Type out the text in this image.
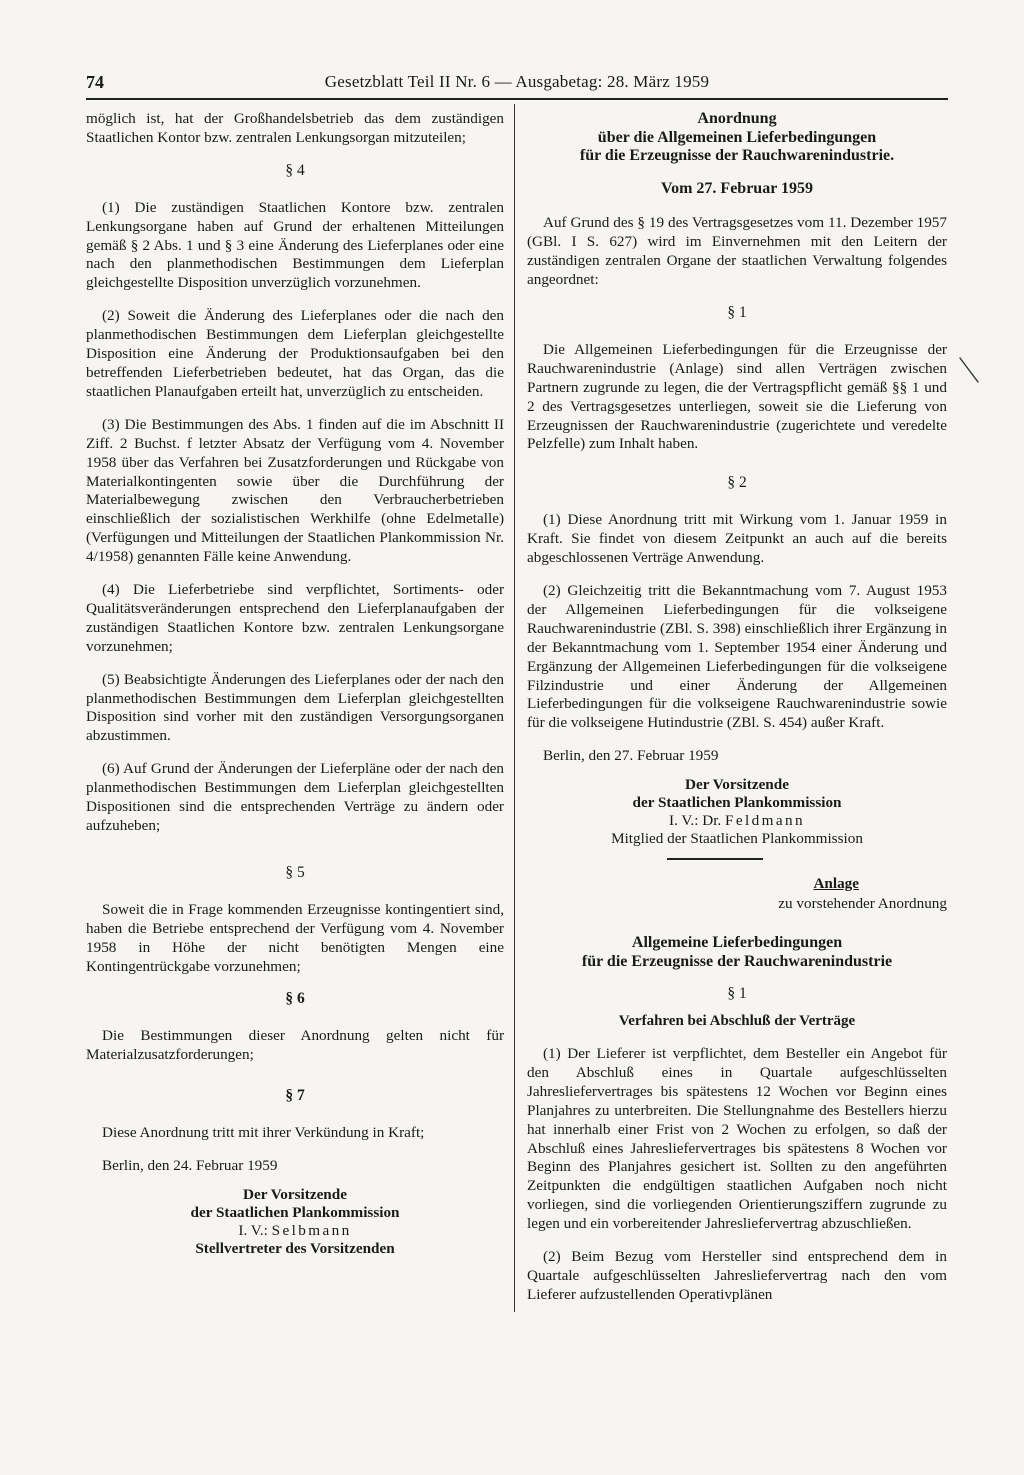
74	Gesetzblatt Teil II Nr. 6 — Ausgabetag: 28. März 1959

möglich ist, hat der Großhandelsbetrieb das dem zuständigen Staatlichen Kontor bzw. zentralen Lenkungsorgan mitzuteilen;

§ 4

(1) Die zuständigen Staatlichen Kontore bzw. zentralen Lenkungsorgane haben auf Grund der erhaltenen Mitteilungen gemäß § 2 Abs. 1 und § 3 eine Änderung des Lieferplanes oder eine nach den planmethodischen Bestimmungen dem Lieferplan gleichgestellte Disposition unverzüglich vorzunehmen.

(2) Soweit die Änderung des Lieferplanes oder die nach den planmethodischen Bestimmungen dem Lieferplan gleichgestellte Disposition eine Änderung der Produktionsaufgaben bei den betreffenden Lieferbetrieben bedeutet, hat das Organ, das die staatlichen Planaufgaben erteilt hat, unverzüglich zu entscheiden.

(3) Die Bestimmungen des Abs. 1 finden auf die im Abschnitt II Ziff. 2 Buchst. f letzter Absatz der Verfügung vom 4. November 1958 über das Verfahren bei Zusatzforderungen und Rückgabe von Materialkontingenten sowie über die Durchführung der Materialbewegung zwischen den Verbraucherbetrieben einschließlich der sozialistischen Werkhilfe (ohne Edelmetalle) (Verfügungen und Mitteilungen der Staatlichen Plankommission Nr. 4/1958) genannten Fälle keine Anwendung.

(4) Die Lieferbetriebe sind verpflichtet, Sortiments- oder Qualitätsveränderungen entsprechend den Lieferplanaufgaben der zuständigen Staatlichen Kontore bzw. zentralen Lenkungsorgane vorzunehmen;

(5) Beabsichtigte Änderungen des Lieferplanes oder der nach den planmethodischen Bestimmungen dem Lieferplan gleichgestellten Disposition sind vorher mit den zuständigen Versorgungsorganen abzustimmen.

(6) Auf Grund der Änderungen der Lieferpläne oder der nach den planmethodischen Bestimmungen dem Lieferplan gleichgestellten Dispositionen sind die entsprechenden Verträge zu ändern oder aufzuheben;

§ 5

Soweit die in Frage kommenden Erzeugnisse kontingentiert sind, haben die Betriebe entsprechend der Verfügung vom 4. November 1958 in Höhe der nicht benötigten Mengen eine Kontingentrückgabe vorzunehmen;

§ 6

Die Bestimmungen dieser Anordnung gelten nicht für Materialzusatzforderungen;

§ 7

Diese Anordnung tritt mit ihrer Verkündung in Kraft;

Berlin, den 24. Februar 1959

Der Vorsitzende
der Staatlichen Plankommission
I. V.: Selbmann
Stellvertreter des Vorsitzenden
Anordnung
über die Allgemeinen Lieferbedingungen
für die Erzeugnisse der Rauchwarenindustrie.
Vom 27. Februar 1959

Auf Grund des § 19 des Vertragsgesetzes vom 11. Dezember 1957 (GBl. I S. 627) wird im Einvernehmen mit den Leitern der zuständigen zentralen Organe der staatlichen Verwaltung folgendes angeordnet:

§ 1

Die Allgemeinen Lieferbedingungen für die Erzeugnisse der Rauchwarenindustrie (Anlage) sind allen Verträgen zwischen Partnern zugrunde zu legen, die der Vertragspflicht gemäß §§ 1 und 2 des Vertragsgesetzes unterliegen, soweit sie die Lieferung von Erzeugnissen der Rauchwarenindustrie (zugerichtete und veredelte Pelzfelle) zum Inhalt haben.

§ 2

(1) Diese Anordnung tritt mit Wirkung vom 1. Januar 1959 in Kraft. Sie findet von diesem Zeitpunkt an auch auf die bereits abgeschlossenen Verträge Anwendung.

(2) Gleichzeitig tritt die Bekanntmachung vom 7. August 1953 der Allgemeinen Lieferbedingungen für die volkseigene Rauchwarenindustrie (ZBl. S. 398) einschließlich ihrer Ergänzung in der Bekanntmachung vom 1. September 1954 einer Änderung und Ergänzung der Allgemeinen Lieferbedingungen für die volkseigene Filzindustrie und einer Änderung der Allgemeinen Lieferbedingungen für die volkseigene Rauchwarenindustrie sowie für die volkseigene Hutindustrie (ZBl. S. 454) außer Kraft.

Berlin, den 27. Februar 1959

Der Vorsitzende
der Staatlichen Plankommission
I. V.: Dr. Feldmann
Mitglied der Staatlichen Plankommission
Anlage
zu vorstehender Anordnung
Allgemeine Lieferbedingungen
für die Erzeugnisse der Rauchwarenindustrie
§ 1
Verfahren bei Abschluß der Verträge

(1) Der Lieferer ist verpflichtet, dem Besteller ein Angebot für den Abschluß eines in Quartale aufgeschlüsselten Jahresliefervertrages bis spätestens 12 Wochen vor Beginn eines Planjahres zu unterbreiten. Die Stellungnahme des Bestellers hierzu hat innerhalb einer Frist von 2 Wochen zu erfolgen, so daß der Abschluß eines Jahresliefervertrages bis spätestens 8 Wochen vor Beginn des Planjahres gesichert ist. Sollten zu den angeführten Zeitpunkten die endgültigen staatlichen Aufgaben noch nicht vorliegen, sind die vorliegenden Orientierungsziffern zugrunde zu legen und ein vorbereitender Jahresliefervertrag abzuschließen.

(2) Beim Bezug vom Hersteller sind entsprechend dem in Quartale aufgeschlüsselten Jahresliefervertrag nach den vom Lieferer aufzustellenden Operativplänen
